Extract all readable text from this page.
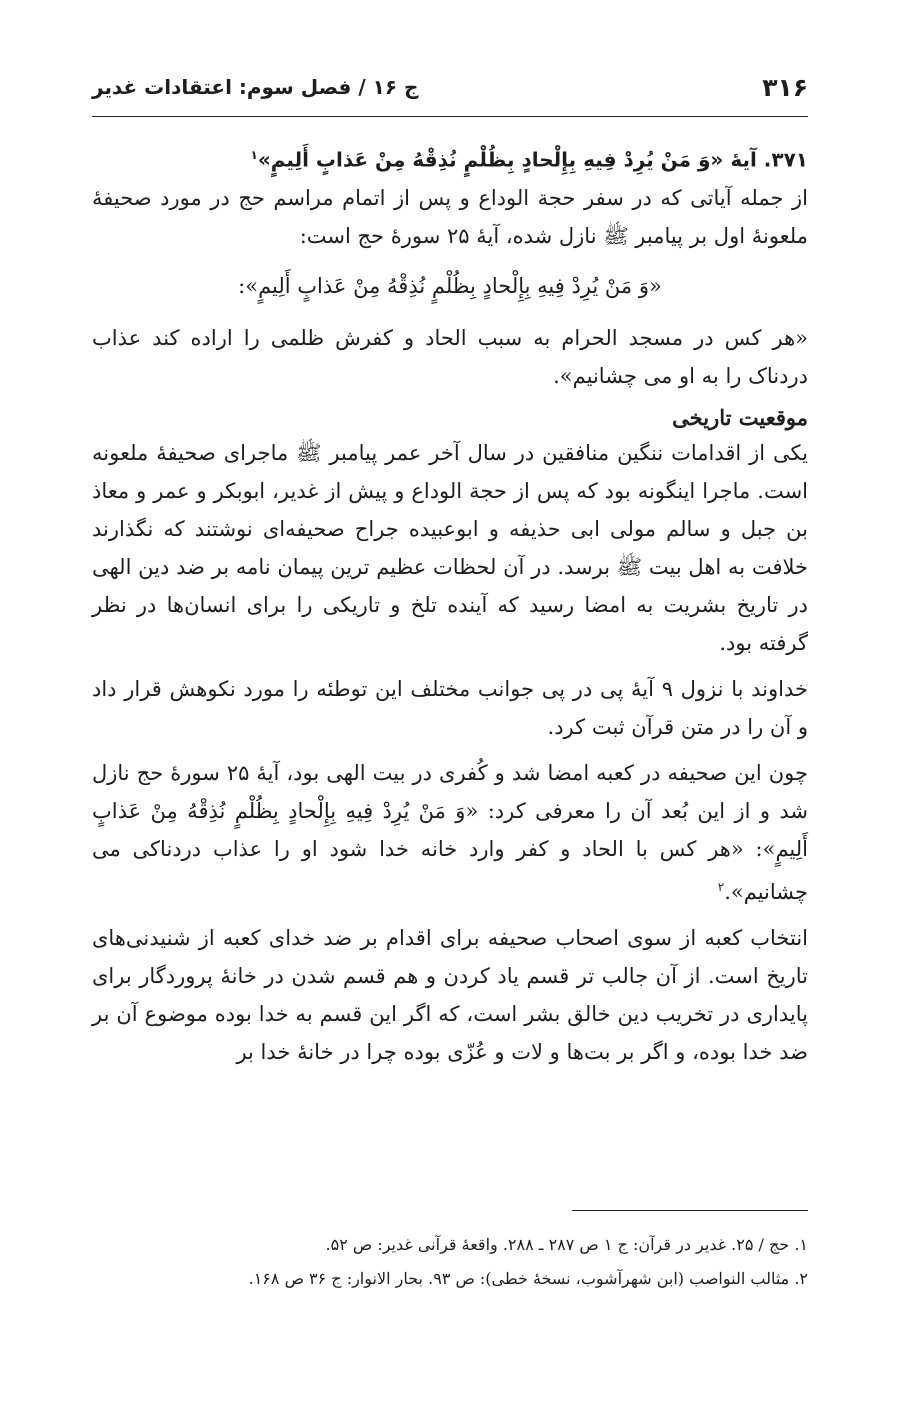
۳۱۶
ج ۱۶ / فصل سوم: اعتقادات غدیر

۳۷۱. آیهٔ «وَ مَنْ یُرِدْ فِیهِ بِإِلْحادٍ بِظُلْمٍ نُذِقْهُ مِنْ عَذابٍ أَلِیمٍ»$^۱$

از جمله آیاتی که در سفر حجة الوداع و پس از اتمام مراسم حج در مورد صحیفهٔ ملعونهٔ اول بر پیامبر ﷺ نازل شده، آیهٔ ۲۵ سورهٔ حج است:

«وَ مَنْ یُرِدْ فِیهِ بِإِلْحادٍ بِظُلْمٍ نُذِقْهُ مِنْ عَذابٍ أَلِیمٍ»:

«هر کس در مسجد الحرام به سبب الحاد و کفرش ظلمی را اراده کند عذاب دردناک را به او می چشانیم».

موقعیت تاریخی

یکی از اقدامات ننگین منافقین در سال آخر عمر پیامبر ﷺ ماجرای صحیفهٔ ملعونه است. ماجرا اینگونه بود که پس از حجة الوداع و پیش از غدیر، ابوبکر و عمر و معاذ بن جبل و سالم مولی ابی حذیفه و ابوعبیده جراح صحیفه‌ای نوشتند که نگذارند خلافت به اهل بیت ﷺ برسد. در آن لحظات عظیم ترین پیمان نامه بر ضد دین الهی در تاریخ بشریت به امضا رسید که آینده تلخ و تاریکی را برای انسان‌ها در نظر گرفته بود.

خداوند با نزول ۹ آیهٔ پی در پی جوانب مختلف این توطئه را مورد نکوهش قرار داد و آن را در متن قرآن ثبت کرد.

چون این صحیفه در کعبه امضا شد و کُفری در بیت الهی بود، آیهٔ ۲۵ سورهٔ حج نازل شد و از این بُعد آن را معرفی کرد: «وَ مَنْ یُرِدْ فِیهِ بِإِلْحادٍ بِظُلْمٍ نُذِقْهُ مِنْ عَذابٍ أَلِیمٍ»: «هر کس با الحاد و کفر وارد خانه خدا شود او را عذاب دردناکی می چشانیم».$^۲$

انتخاب کعبه از سوی اصحاب صحیفه برای اقدام بر ضد خدای کعبه از شنیدنی‌های تاریخ است. از آن جالب تر قسم یاد کردن و هم قسم شدن در خانهٔ پروردگار برای پایداری در تخریب دین خالق بشر است، که اگر این قسم به خدا بوده موضوع آن بر ضد خدا بوده، و اگر بر بت‌ها و لات و عُزّی بوده چرا در خانهٔ خدا بر

۱. حج / ۲۵. غدیر در قرآن: ج ۱ ص ۲۸۷ ـ ۲۸۸. واقعهٔ قرآنی غدیر: ص ۵۲.
۲. مثالب النواصب (ابن شهرآشوب، نسخهٔ خطی): ص ۹۳. بحار الانوار: ج ۳۶ ص ۱۶۸.
